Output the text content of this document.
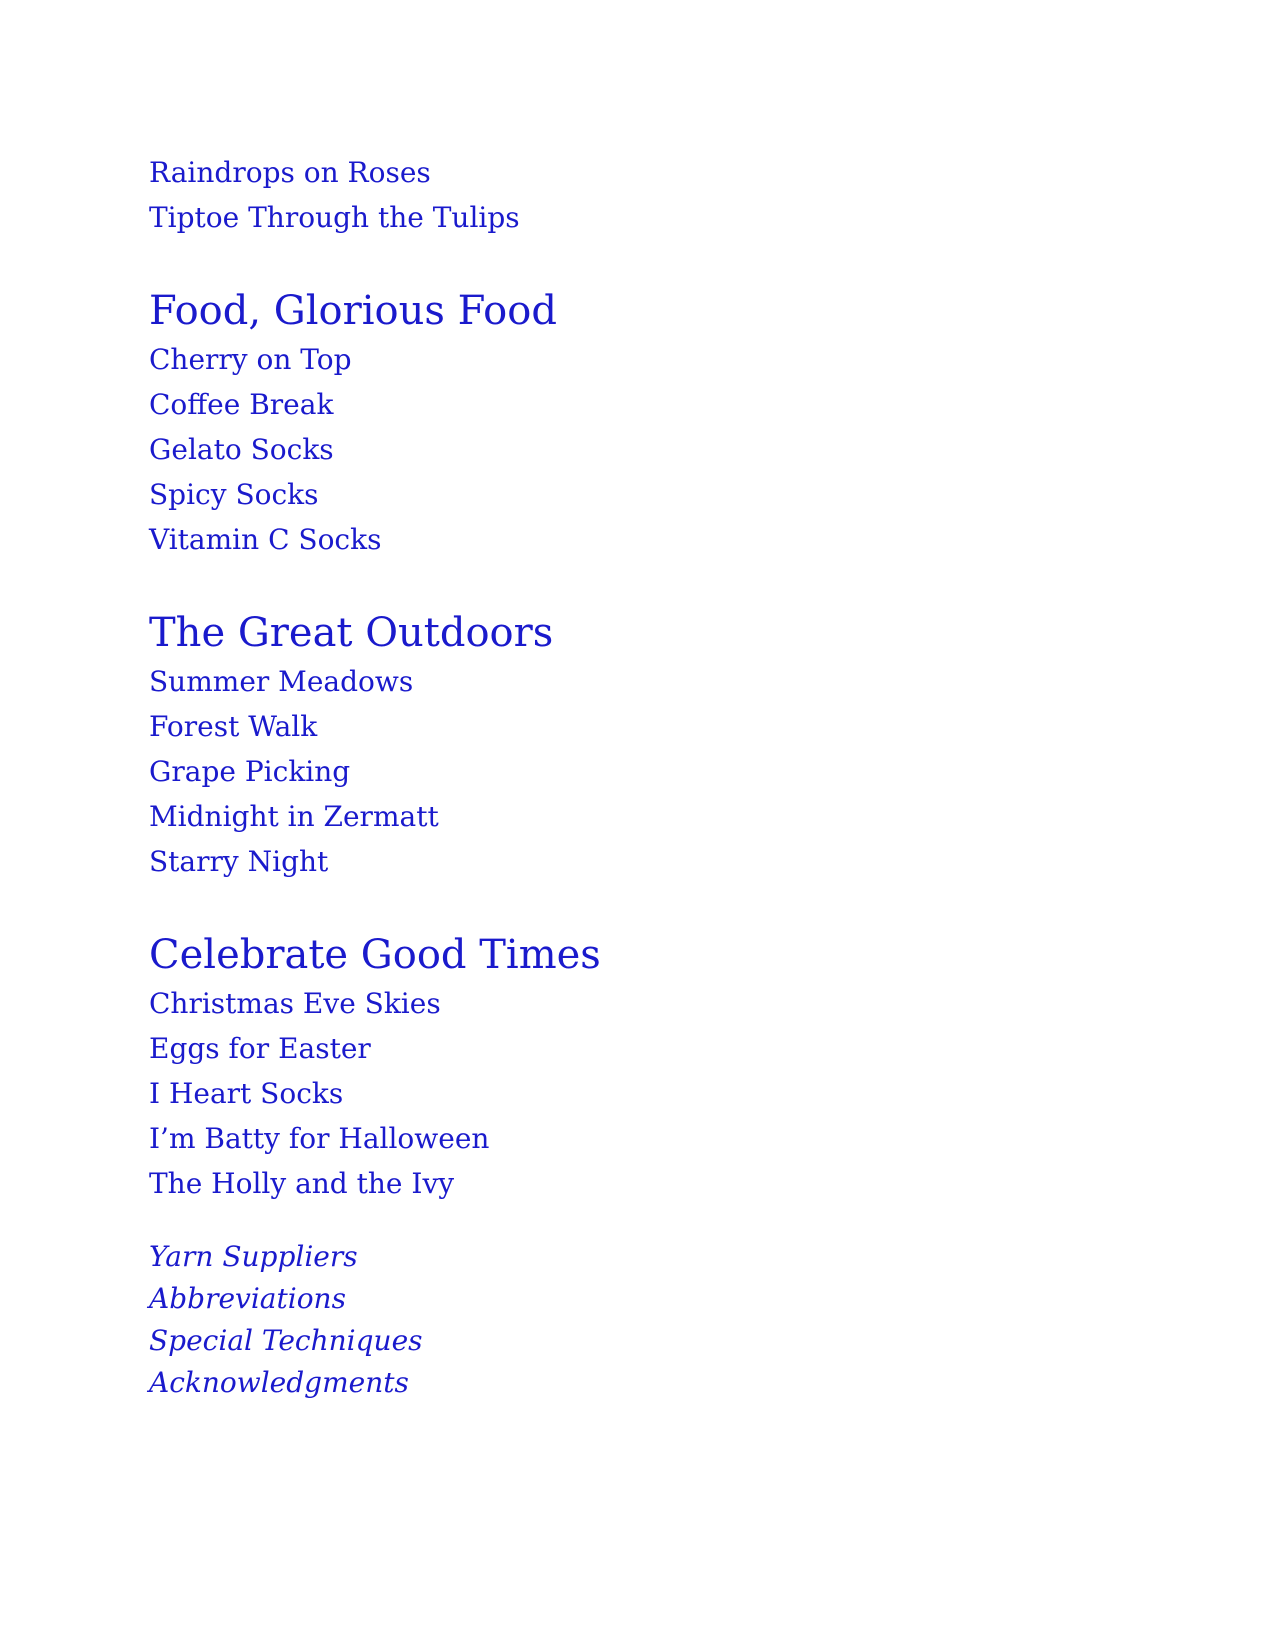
Raindrops on Roses
Tiptoe Through the Tulips
Food, Glorious Food
Cherry on Top
Coffee Break
Gelato Socks
Spicy Socks
Vitamin C Socks
The Great Outdoors
Summer Meadows
Forest Walk
Grape Picking
Midnight in Zermatt
Starry Night
Celebrate Good Times
Christmas Eve Skies
Eggs for Easter
I Heart Socks
I’m Batty for Halloween
The Holly and the Ivy
Yarn Suppliers
Abbreviations
Special Techniques
Acknowledgments
